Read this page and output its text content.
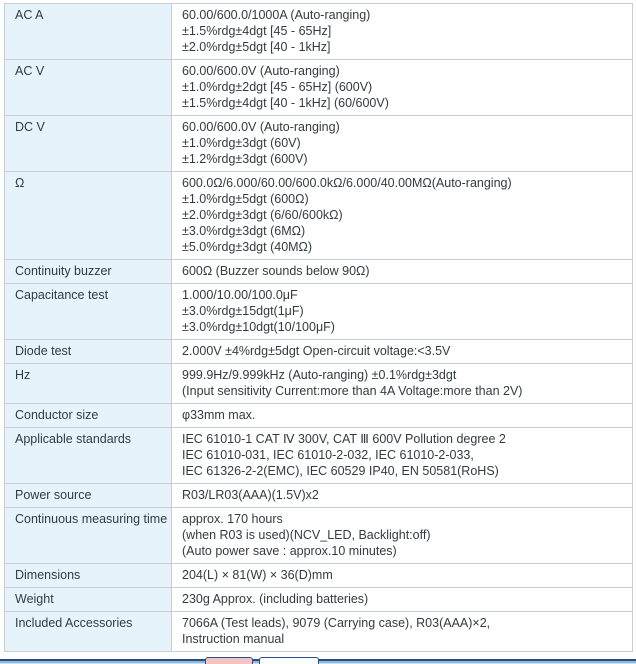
AC A	60.00/600.0/1000A (Auto-ranging)
±1.5%rdg±4dgt [45 - 65Hz]
±2.0%rdg±5dgt [40 - 1kHz]

AC V	60.00/600.0V (Auto-ranging)
±1.0%rdg±2dgt [45 - 65Hz] (600V)
±1.5%rdg±4dgt [40 - 1kHz] (60/600V)

DC V	60.00/600.0V (Auto-ranging)
±1.0%rdg±3dgt (60V)
±1.2%rdg±3dgt (600V)

Ω	600.0Ω/6.000/60.00/600.0kΩ/6.000/40.00MΩ(Auto-ranging)
±1.0%rdg±5dgt (600Ω)
±2.0%rdg±3dgt (6/60/600kΩ)
±3.0%rdg±3dgt (6MΩ)
±5.0%rdg±3dgt (40MΩ)

Continuity buzzer	600Ω (Buzzer sounds below 90Ω)

Capacitance test	1.000/10.00/100.0μF
±3.0%rdg±15dgt(1μF)
±3.0%rdg±10dgt(10/100μF)

Diode test	2.000V ±4%rdg±5dgt Open-circuit voltage:<3.5V

Hz	999.9Hz/9.999kHz (Auto-ranging) ±0.1%rdg±3dgt
(Input sensitivity Current:more than 4A Voltage:more than 2V)

Conductor size	φ33mm max.

Applicable standards	IEC 61010-1 CAT Ⅳ 300V, CAT Ⅲ 600V Pollution degree 2
IEC 61010-031, IEC 61010-2-032, IEC 61010-2-033,
IEC 61326-2-2(EMC), IEC 60529 IP40, EN 50581(RoHS)

Power source	R03/LR03(AAA)(1.5V)x2

Continuous measuring time	approx. 170 hours
(when R03 is used)(NCV_LED, Backlight:off)
(Auto power save : approx.10 minutes)

Dimensions	204(L) × 81(W) × 36(D)mm

Weight	230g Approx. (including batteries)

Included Accessories	7066A (Test leads), 9079 (Carrying case), R03(AAA)×2,
Instruction manual
